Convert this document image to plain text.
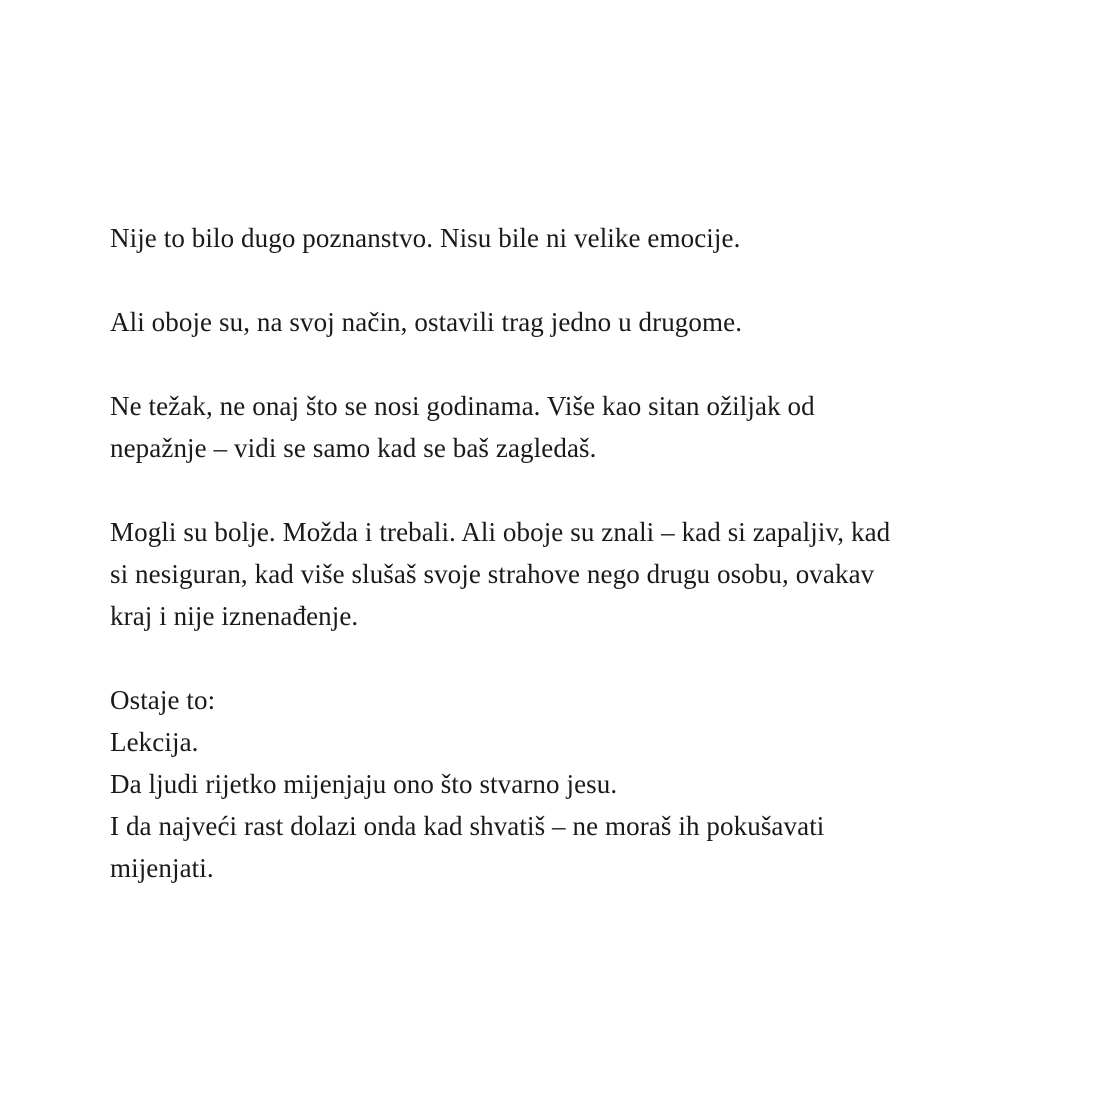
Nije to bilo dugo poznanstvo. Nisu bile ni velike emocije.

Ali oboje su, na svoj način, ostavili trag jedno u drugome.

Ne težak, ne onaj što se nosi godinama. Više kao sitan ožiljak od
nepažnje – vidi se samo kad se baš zagledaš.

Mogli su bolje. Možda i trebali. Ali oboje su znali – kad si zapaljiv, kad
si nesiguran, kad više slušaš svoje strahove nego drugu osobu, ovakav
kraj i nije iznenađenje.

Ostaje to:
Lekcija.
Da ljudi rijetko mijenjaju ono što stvarno jesu.
I da najveći rast dolazi onda kad shvatiš – ne moraš ih pokušavati
mijenjati.
